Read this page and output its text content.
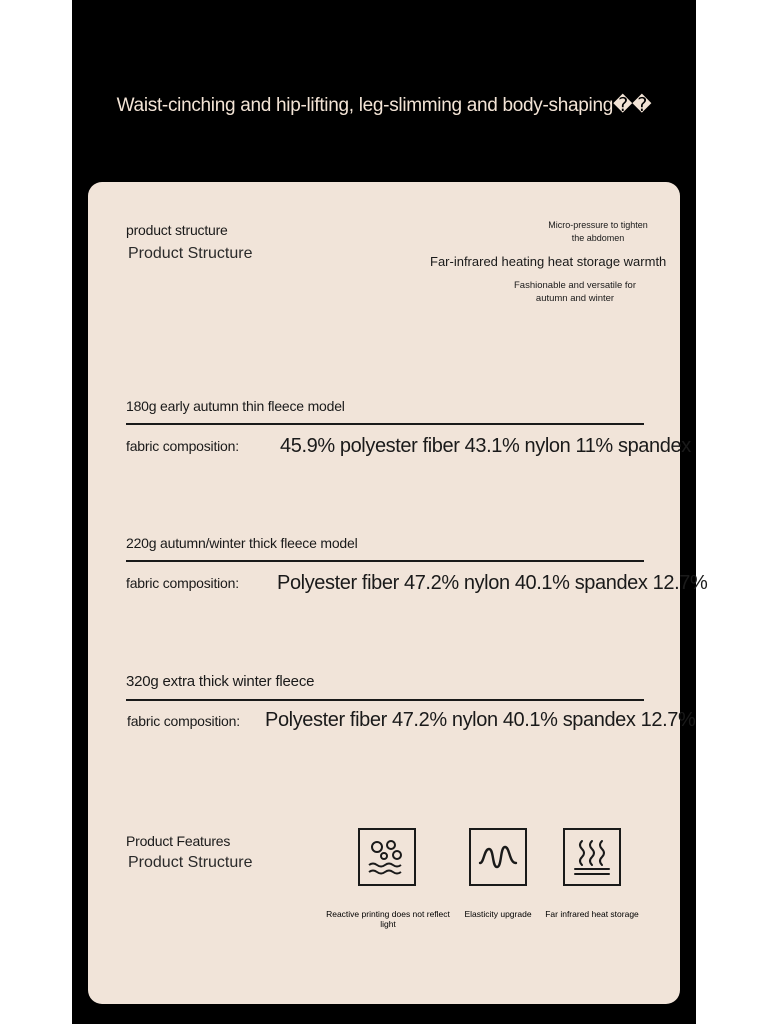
Waist-cinching and hip-lifting, leg-slimming and body-shaping��
product structure
Product Structure
Micro-pressure to tighten the abdomen
Far-infrared heating heat storage warmth
Fashionable and versatile for autumn and winter
180g early autumn thin fleece model
fabric composition: 45.9% polyester fiber 43.1% nylon 11% spandex
220g autumn/winter thick fleece model
fabric composition: Polyester fiber 47.2% nylon 40.1% spandex 12.7%
320g extra thick winter fleece
fabric composition: Polyester fiber 47.2% nylon 40.1% spandex 12.7%
Product Features
Product Structure
Reactive printing does not reflect light
Elasticity upgrade	Far infrared heat storage
